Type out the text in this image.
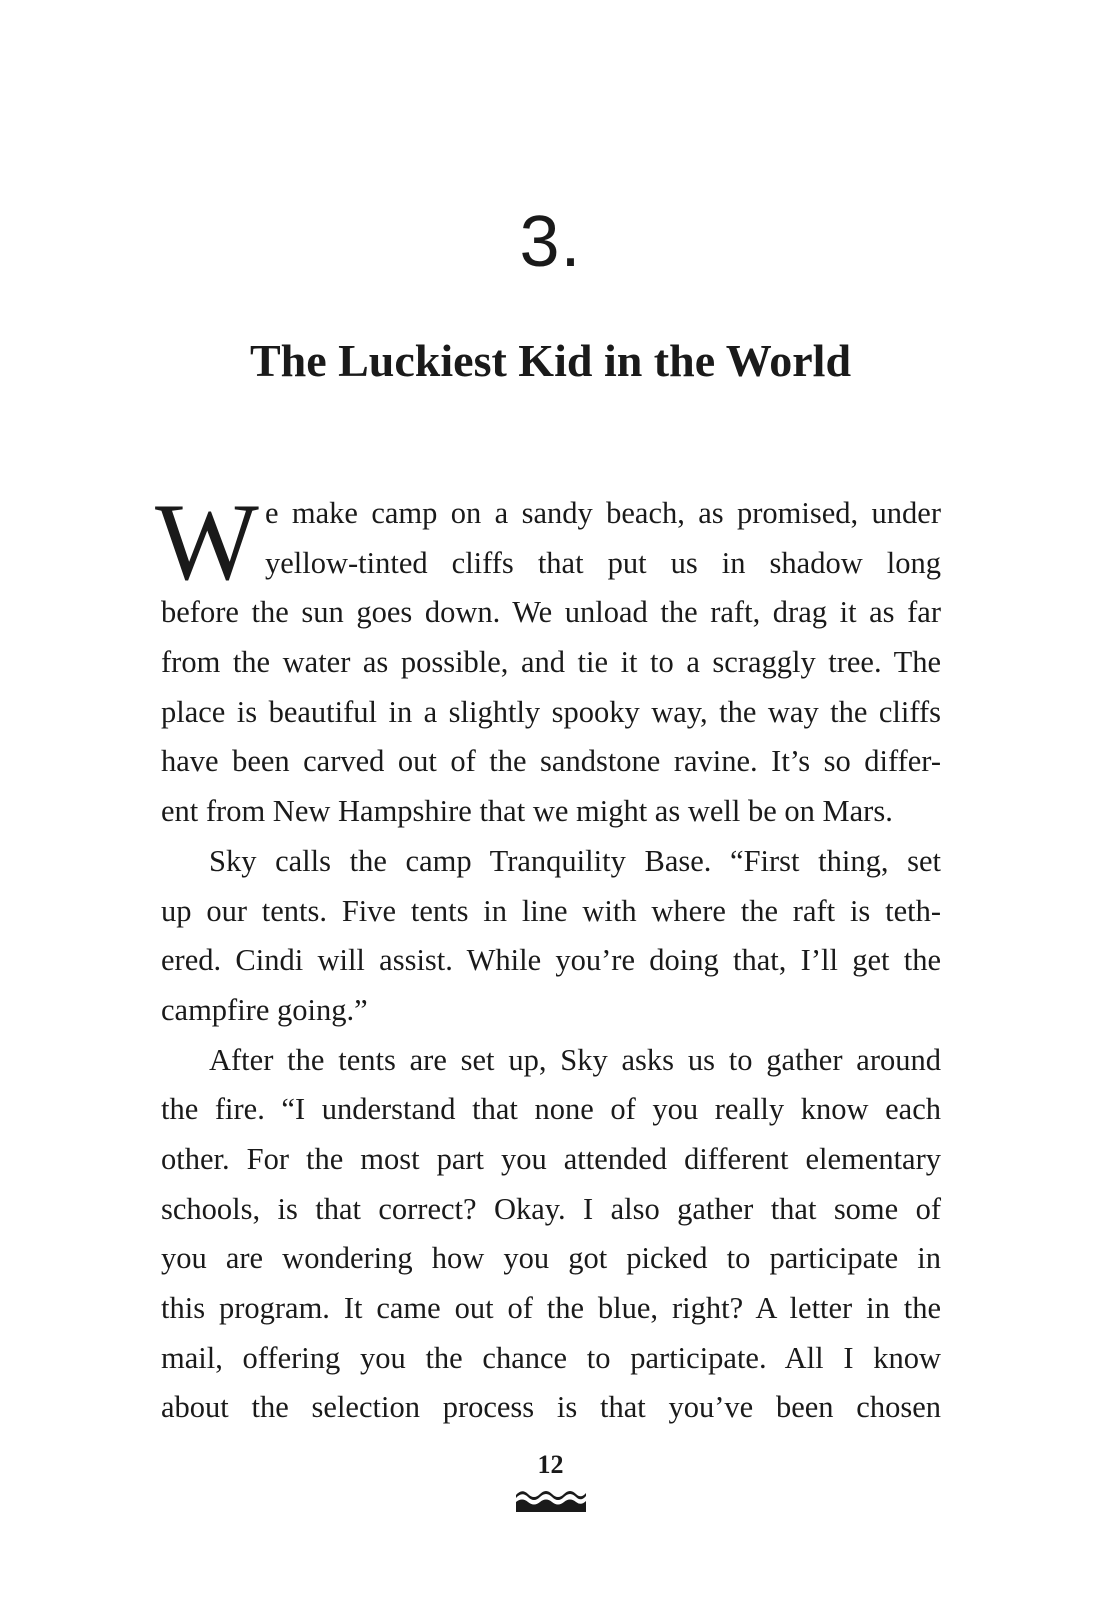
3.
The Luckiest Kid in the World
W e make camp on a sandy beach, as promised, under
yellow-tinted cliffs that put us in shadow long
before the sun goes down. We unload the raft, drag it as far
from the water as possible, and tie it to a scraggly tree. The
place is beautiful in a slightly spooky way, the way the cliffs
have been carved out of the sandstone ravine. It’s so differ-
ent from New Hampshire that we might as well be on Mars.
Sky calls the camp Tranquility Base. “First thing, set
up our tents. Five tents in line with where the raft is teth-
ered. Cindi will assist. While you’re doing that, I’ll get the
campfire going.”
After the tents are set up, Sky asks us to gather around
the fire. “I understand that none of you really know each
other. For the most part you attended different elementary
schools, is that correct? Okay. I also gather that some of
you are wondering how you got picked to participate in
this program. It came out of the blue, right? A letter in the
mail, offering you the chance to participate. All I know
about the selection process is that you’ve been chosen
12
